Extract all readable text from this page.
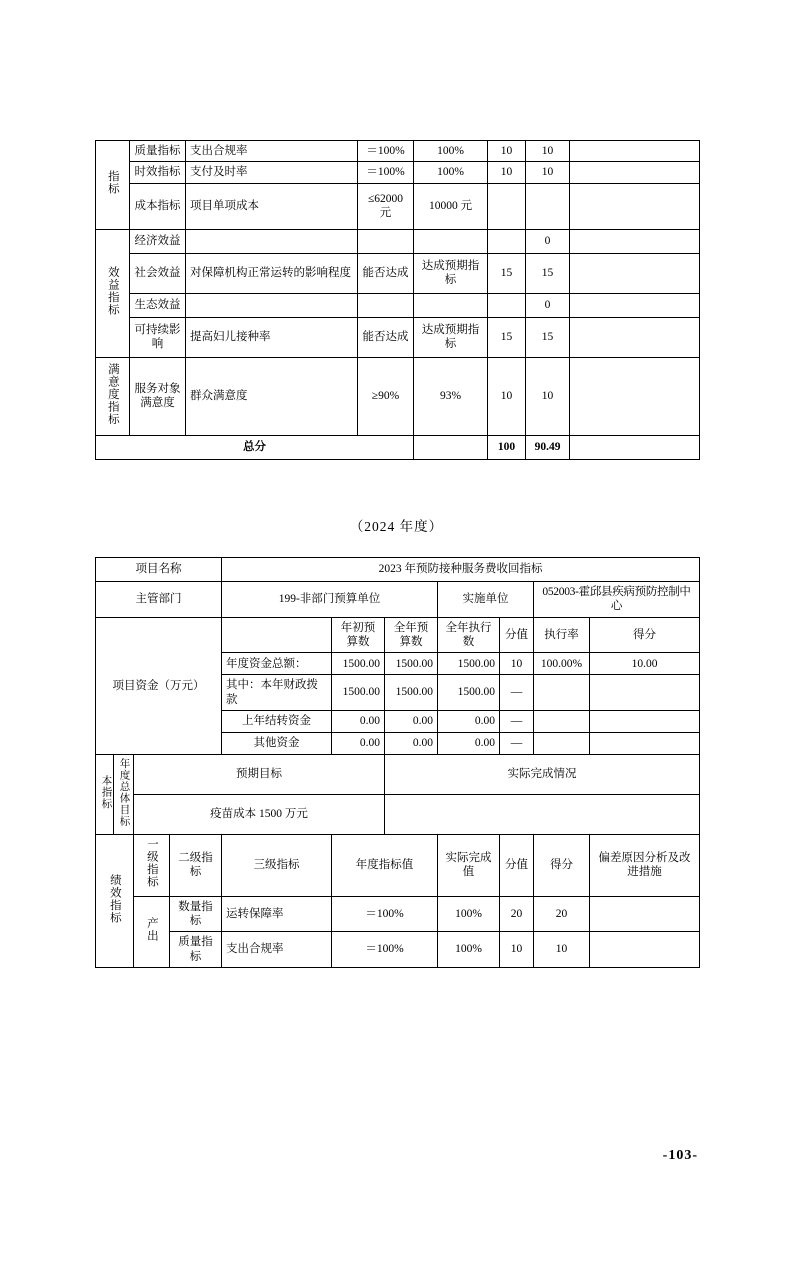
指标	质量指标	支出合规率	＝100%	100%	10	10	
	时效指标	支付及时率	＝100%	100%	10	10	
	成本指标	项目单项成本	≤62000 元	10000 元			
效益指标	经济效益					0	
	社会效益	对保障机构正常运转的影响程度	能否达成	达成预期指标	15	15	
	生态效益					0	
	可持续影响	提高妇儿接种率	能否达成	达成预期指标	15	15	
满意度指标	服务对象满意度	群众满意度	≥90%	93%	10	10	
总分					100	90.49	
（2024 年度）
项目名称				2023 年预防接种服务费收回指标						
主管部门				199-非部门预算单位			实施单位		052003-霍邱县疾病预防控制中心	
项目资金（万元）					年初预算数	全年预算数	全年执行数	分值	执行率	得分
				年度资金总额：	1500.00	1500.00	1500.00	10	100.00%	10.00
				其中：本年财政拨款	1500.00	1500.00	1500.00	—		
				上年结转资金	0.00	0.00	0.00	—		
				其他资金	0.00	0.00	0.00	—		
本指标	年度总体目标	预期目标				实际完成情况				
		疫苗成本 1500 万元								
绩效指标		一级指标	二级指标	三级指标	年度指标值		实际完成值	分值	得分	偏差原因分析及改进措施
		产出	数量指标	运转保障率	＝100%		100%	20	20	
			质量指标	支出合规率	＝100%		100%	10	10	
-103-
